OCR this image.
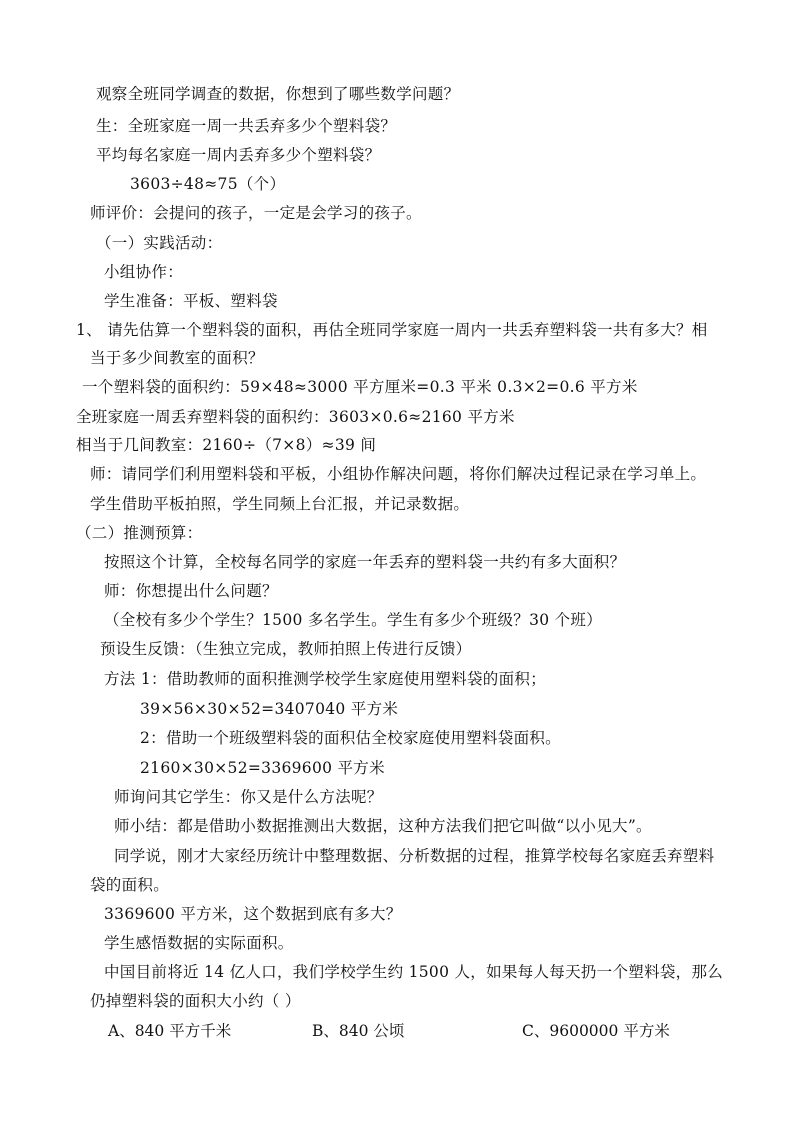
观察全班同学调查的数据，你想到了哪些数学问题？
生：全班家庭一周一共丢弃多少个塑料袋？
平均每名家庭一周内丢弃多少个塑料袋？
3603÷48≈75（个）
师评价：会提问的孩子，一定是会学习的孩子。
（一）实践活动：
小组协作：
学生准备：平板、塑料袋
1、 请先估算一个塑料袋的面积，再估全班同学家庭一周内一共丢弃塑料袋一共有多大？相
当于多少间教室的面积？
一个塑料袋的面积约：59×48≈3000 平方厘米=0.3 平米 0.3×2=0.6 平方米
全班家庭一周丢弃塑料袋的面积约：3603×0.6≈2160 平方米
相当于几间教室：2160÷（7×8）≈39 间
师：请同学们利用塑料袋和平板，小组协作解决问题，将你们解决过程记录在学习单上。
学生借助平板拍照，学生同频上台汇报，并记录数据。
（二）推测预算：
按照这个计算，全校每名同学的家庭一年丢弃的塑料袋一共约有多大面积？
师：你想提出什么问题？
（全校有多少个学生？1500 多名学生。学生有多少个班级？30 个班）
预设生反馈：（生独立完成，教师拍照上传进行反馈）
方法 1：借助教师的面积推测学校学生家庭使用塑料袋的面积；
39×56×30×52=3407040 平方米
2：借助一个班级塑料袋的面积估全校家庭使用塑料袋面积。
2160×30×52=3369600 平方米
师询问其它学生：你又是什么方法呢？
师小结：都是借助小数据推测出大数据，这种方法我们把它叫做“以小见大”。
同学说，刚才大家经历统计中整理数据、分析数据的过程，推算学校每名家庭丢弃塑料
袋的面积。
3369600 平方米，这个数据到底有多大？
学生感悟数据的实际面积。
中国目前将近 14 亿人口，我们学校学生约 1500 人，如果每人每天扔一个塑料袋，那么
仍掉塑料袋的面积大小约（ ）
A、840 平方千米	B、840 公顷	C、9600000 平方米
